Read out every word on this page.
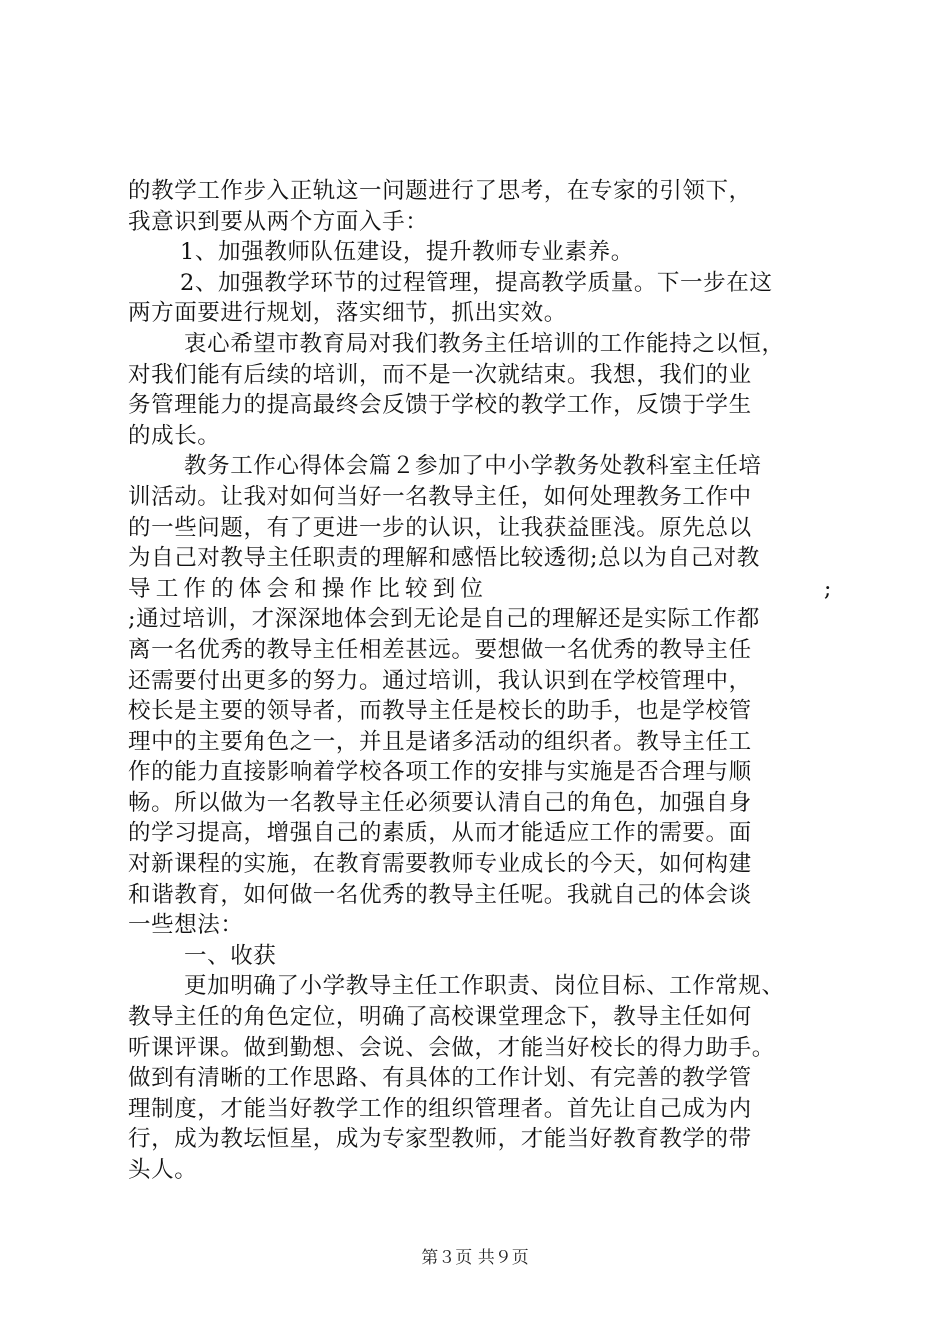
的教学工作步入正轨这一问题进行了思考，在专家的引领下，
我意识到要从两个方面入手：
1、加强教师队伍建设，提升教师专业素养。
2、加强教学环节的过程管理，提高教学质量。下一步在这
两方面要进行规划，落实细节，抓出实效。
衷心希望市教育局对我们教务主任培训的工作能持之以恒，
对我们能有后续的培训，而不是一次就结束。我想，我们的业
务管理能力的提高最终会反馈于学校的教学工作，反馈于学生
的成长。
教务工作心得体会篇２参加了中小学教务处教科室主任培
训活动。让我对如何当好一名教导主任，如何处理教务工作中
的一些问题，有了更进一步的认识，让我获益匪浅。原先总以
为自己对教导主任职责的理解和感悟比较透彻;总以为自己对教
导工作的体会和操作比较到位	;
;通过培训，才深深地体会到无论是自己的理解还是实际工作都
离一名优秀的教导主任相差甚远。要想做一名优秀的教导主任
还需要付出更多的努力。通过培训，我认识到在学校管理中，
校长是主要的领导者，而教导主任是校长的助手，也是学校管
理中的主要角色之一，并且是诸多活动的组织者。教导主任工
作的能力直接影响着学校各项工作的安排与实施是否合理与顺
畅。所以做为一名教导主任必须要认清自己的角色，加强自身
的学习提高，增强自己的素质，从而才能适应工作的需要。面
对新课程的实施，在教育需要教师专业成长的今天，如何构建
和谐教育，如何做一名优秀的教导主任呢。我就自己的体会谈
一些想法：
一、收获
更加明确了小学教导主任工作职责、岗位目标、工作常规、
教导主任的角色定位，明确了高校课堂理念下，教导主任如何
听课评课。做到勤想、会说、会做，才能当好校长的得力助手。
做到有清晰的工作思路、有具体的工作计划、有完善的教学管
理制度，才能当好教学工作的组织管理者。首先让自己成为内
行，成为教坛恒星，成为专家型教师，才能当好教育教学的带
头人。
第３页 共９页
